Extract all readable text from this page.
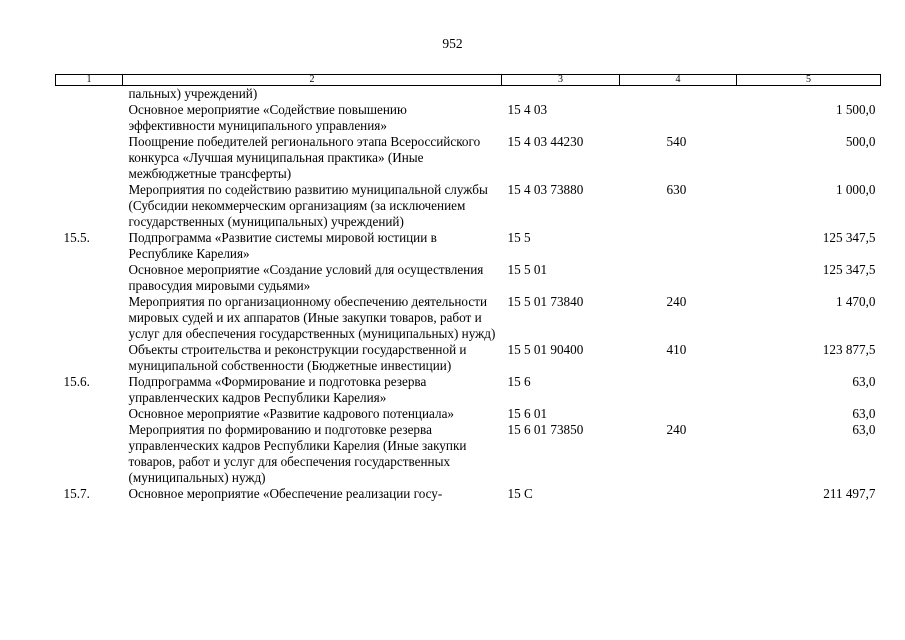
952
1	2	3	4	5
	пальных) учреждений)			
	Основное мероприятие «Содействие повышению эффективности муниципального управления»	15 4 03		1 500,0
	Поощрение победителей регионального этапа Всероссийского конкурса «Лучшая муниципальная практика» (Иные межбюджетные трансферты)	15 4 03 44230	540	500,0
	Мероприятия по содействию развитию муниципальной службы (Субсидии некоммерческим организациям (за исключением государственных (муниципальных) учреждений)	15 4 03 73880	630	1 000,0
15.5.	Подпрограмма «Развитие системы мировой юстиции в Республике Карелия»	15 5		125 347,5
	Основное мероприятие «Создание условий для осуществления правосудия мировыми судьями»	15 5 01		125 347,5
	Мероприятия по организационному обеспечению деятельности мировых судей и их аппаратов (Иные закупки товаров, работ и услуг для обеспечения государственных (муниципальных) нужд)	15 5 01 73840	240	1 470,0
	Объекты строительства и реконструкции государственной и муниципальной собственности (Бюджетные инвестиции)	15 5 01 90400	410	123 877,5
15.6.	Подпрограмма «Формирование и подготовка резерва управленческих кадров Республики Карелия»	15 6		63,0
	Основное мероприятие «Развитие кадрового потенциала»	15 6 01		63,0
	Мероприятия по формированию и подготовке резерва управленческих кадров Республики Карелия (Иные закупки товаров, работ и услуг для обеспечения государственных (муниципальных) нужд)	15 6 01 73850	240	63,0
15.7.	Основное мероприятие «Обеспечение реализации госу-	15 С		211 497,7
